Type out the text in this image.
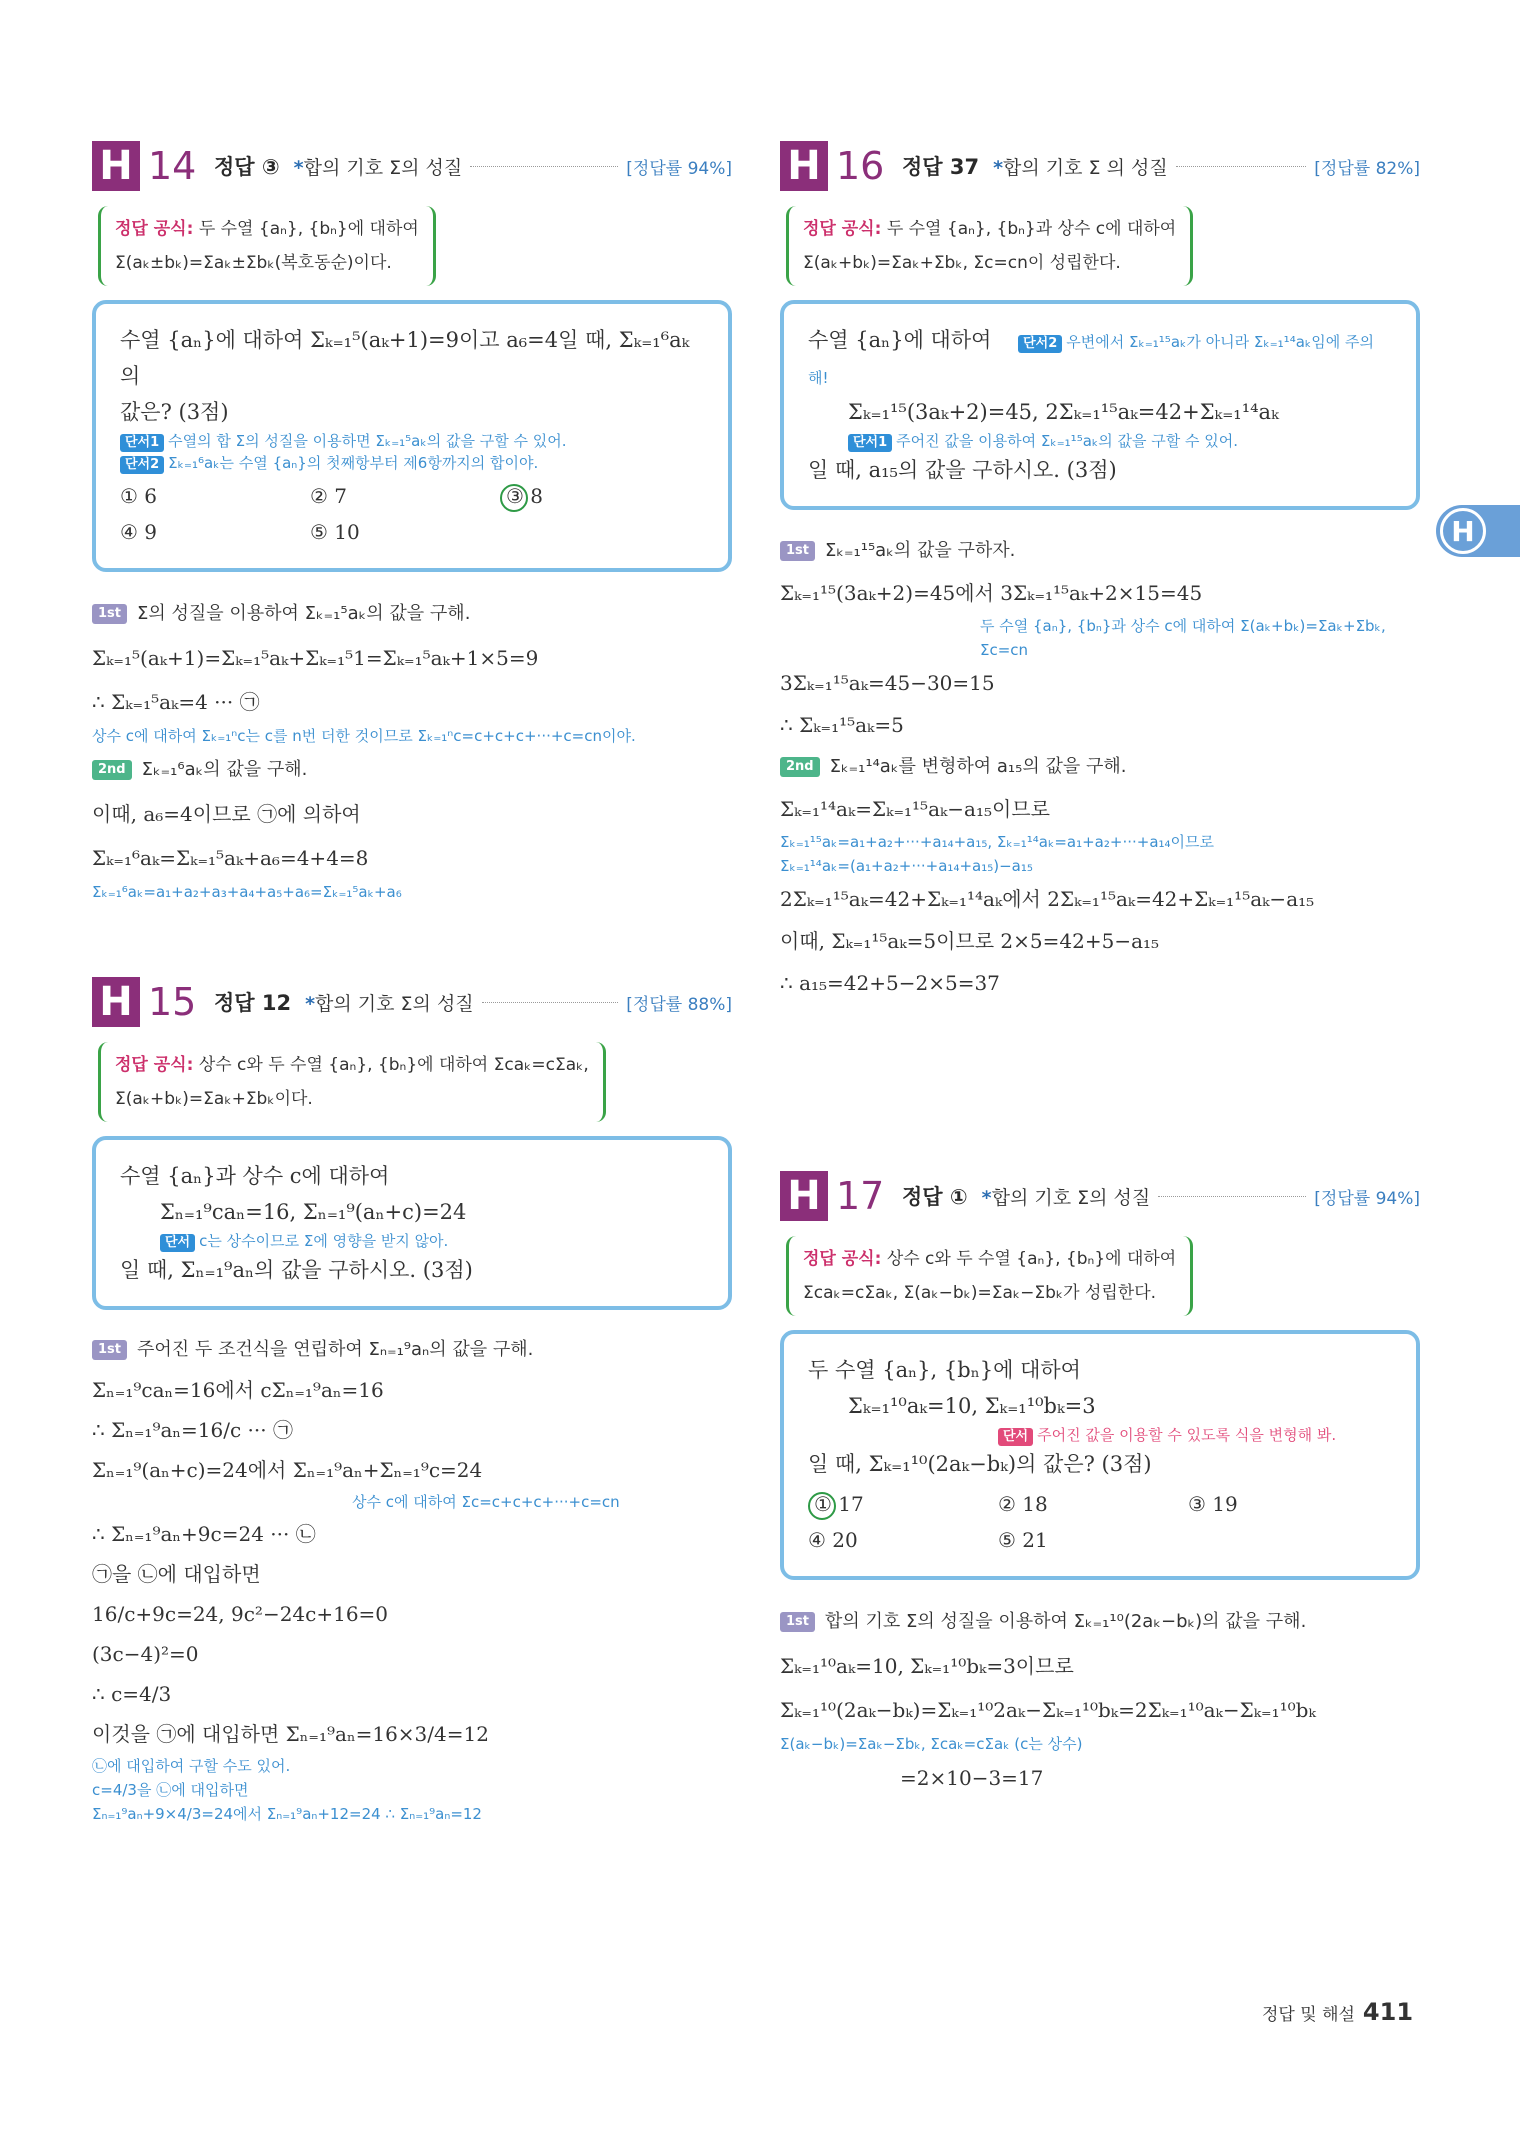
H
H 14 정답 ③ *합의 기호 Σ의 성질	[정답률 94%]
정답 공식: 두 수열 {aₙ}, {bₙ}에 대하여
Σ(aₖ±bₖ)=Σaₖ±Σbₖ(복호동순)이다.
수열 {aₙ}에 대하여 Σₖ₌₁⁵(aₖ+1)=9이고 a₆=4일 때, Σₖ₌₁⁶aₖ의
값은? (3점)
단서1 수열의 합 Σ의 성질을 이용하면 Σₖ₌₁⁵aₖ의 값을 구할 수 있어.
단서2 Σₖ₌₁⁶aₖ는 수열 {aₙ}의 첫째항부터 제6항까지의 합이야.
① 6	② 7	③ 8
④ 9	⑤ 10
1st Σ의 성질을 이용하여 Σₖ₌₁⁵aₖ의 값을 구해.
Σₖ₌₁⁵(aₖ+1)=Σₖ₌₁⁵aₖ+Σₖ₌₁⁵1=Σₖ₌₁⁵aₖ+1×5=9
∴ Σₖ₌₁⁵aₖ=4 ··· ㉠
상수 c에 대하여 Σₖ₌₁ⁿc는 c를 n번 더한 것이므로 Σₖ₌₁ⁿc=c+c+c+···+c=cn이야.
2nd Σₖ₌₁⁶aₖ의 값을 구해.
이때, a₆=4이므로 ㉠에 의하여
Σₖ₌₁⁶aₖ=Σₖ₌₁⁵aₖ+a₆=4+4=8
Σₖ₌₁⁶aₖ=a₁+a₂+a₃+a₄+a₅+a₆=Σₖ₌₁⁵aₖ+a₆
H 15 정답 12 *합의 기호 Σ의 성질	[정답률 88%]
정답 공식: 상수 c와 두 수열 {aₙ}, {bₙ}에 대하여 Σcaₖ=cΣaₖ,
Σ(aₖ+bₖ)=Σaₖ+Σbₖ이다.
수열 {aₙ}과 상수 c에 대하여
Σₙ₌₁⁹caₙ=16, Σₙ₌₁⁹(aₙ+c)=24
단서 c는 상수이므로 Σ에 영향을 받지 않아.
일 때, Σₙ₌₁⁹aₙ의 값을 구하시오. (3점)
1st 주어진 두 조건식을 연립하여 Σₙ₌₁⁹aₙ의 값을 구해.
Σₙ₌₁⁹caₙ=16에서 cΣₙ₌₁⁹aₙ=16
∴ Σₙ₌₁⁹aₙ=16/c ··· ㉠
Σₙ₌₁⁹(aₙ+c)=24에서 Σₙ₌₁⁹aₙ+Σₙ₌₁⁹c=24
상수 c에 대하여 Σc=c+c+c+···+c=cn
∴ Σₙ₌₁⁹aₙ+9c=24 ··· ㉡
㉠을 ㉡에 대입하면
16/c+9c=24, 9c²−24c+16=0
(3c−4)²=0
∴ c=4/3
이것을 ㉠에 대입하면 Σₙ₌₁⁹aₙ=16×3/4=12
㉡에 대입하여 구할 수도 있어.
c=4/3을 ㉡에 대입하면
Σₙ₌₁⁹aₙ+9×4/3=24에서 Σₙ₌₁⁹aₙ+12=24 ∴ Σₙ₌₁⁹aₙ=12
H 16 정답 37 *합의 기호 Σ 의 성질	[정답률 82%]
정답 공식: 두 수열 {aₙ}, {bₙ}과 상수 c에 대하여
Σ(aₖ+bₖ)=Σaₖ+Σbₖ, Σc=cn이 성립한다.
수열 {aₙ}에 대하여 단서2 우변에서 Σₖ₌₁¹⁵aₖ가 아니라 Σₖ₌₁¹⁴aₖ임에 주의해!
Σₖ₌₁¹⁵(3aₖ+2)=45, 2Σₖ₌₁¹⁵aₖ=42+Σₖ₌₁¹⁴aₖ
단서1 주어진 값을 이용하여 Σₖ₌₁¹⁵aₖ의 값을 구할 수 있어.
일 때, a₁₅의 값을 구하시오. (3점)
1st Σₖ₌₁¹⁵aₖ의 값을 구하자.
Σₖ₌₁¹⁵(3aₖ+2)=45에서 3Σₖ₌₁¹⁵aₖ+2×15=45
두 수열 {aₙ}, {bₙ}과 상수 c에 대하여 Σ(aₖ+bₖ)=Σaₖ+Σbₖ, Σc=cn
3Σₖ₌₁¹⁵aₖ=45−30=15
∴ Σₖ₌₁¹⁵aₖ=5
2nd Σₖ₌₁¹⁴aₖ를 변형하여 a₁₅의 값을 구해.
Σₖ₌₁¹⁴aₖ=Σₖ₌₁¹⁵aₖ−a₁₅이므로
Σₖ₌₁¹⁵aₖ=a₁+a₂+···+a₁₄+a₁₅, Σₖ₌₁¹⁴aₖ=a₁+a₂+···+a₁₄이므로
Σₖ₌₁¹⁴aₖ=(a₁+a₂+···+a₁₄+a₁₅)−a₁₅
2Σₖ₌₁¹⁵aₖ=42+Σₖ₌₁¹⁴aₖ에서 2Σₖ₌₁¹⁵aₖ=42+Σₖ₌₁¹⁵aₖ−a₁₅
이때, Σₖ₌₁¹⁵aₖ=5이므로 2×5=42+5−a₁₅
∴ a₁₅=42+5−2×5=37
H 17 정답 ① *합의 기호 Σ의 성질	[정답률 94%]
정답 공식: 상수 c와 두 수열 {aₙ}, {bₙ}에 대하여
Σcaₖ=cΣaₖ, Σ(aₖ−bₖ)=Σaₖ−Σbₖ가 성립한다.
두 수열 {aₙ}, {bₙ}에 대하여
Σₖ₌₁¹⁰aₖ=10, Σₖ₌₁¹⁰bₖ=3
단서 주어진 값을 이용할 수 있도록 식을 변형해 봐.
일 때, Σₖ₌₁¹⁰(2aₖ−bₖ)의 값은? (3점)
① 17	② 18	③ 19
④ 20	⑤ 21
1st 합의 기호 Σ의 성질을 이용하여 Σₖ₌₁¹⁰(2aₖ−bₖ)의 값을 구해.
Σₖ₌₁¹⁰aₖ=10, Σₖ₌₁¹⁰bₖ=3이므로
Σₖ₌₁¹⁰(2aₖ−bₖ)=Σₖ₌₁¹⁰2aₖ−Σₖ₌₁¹⁰bₖ=2Σₖ₌₁¹⁰aₖ−Σₖ₌₁¹⁰bₖ
Σ(aₖ−bₖ)=Σaₖ−Σbₖ, Σcaₖ=cΣaₖ (c는 상수)
=2×10−3=17
정답 및 해설 411
